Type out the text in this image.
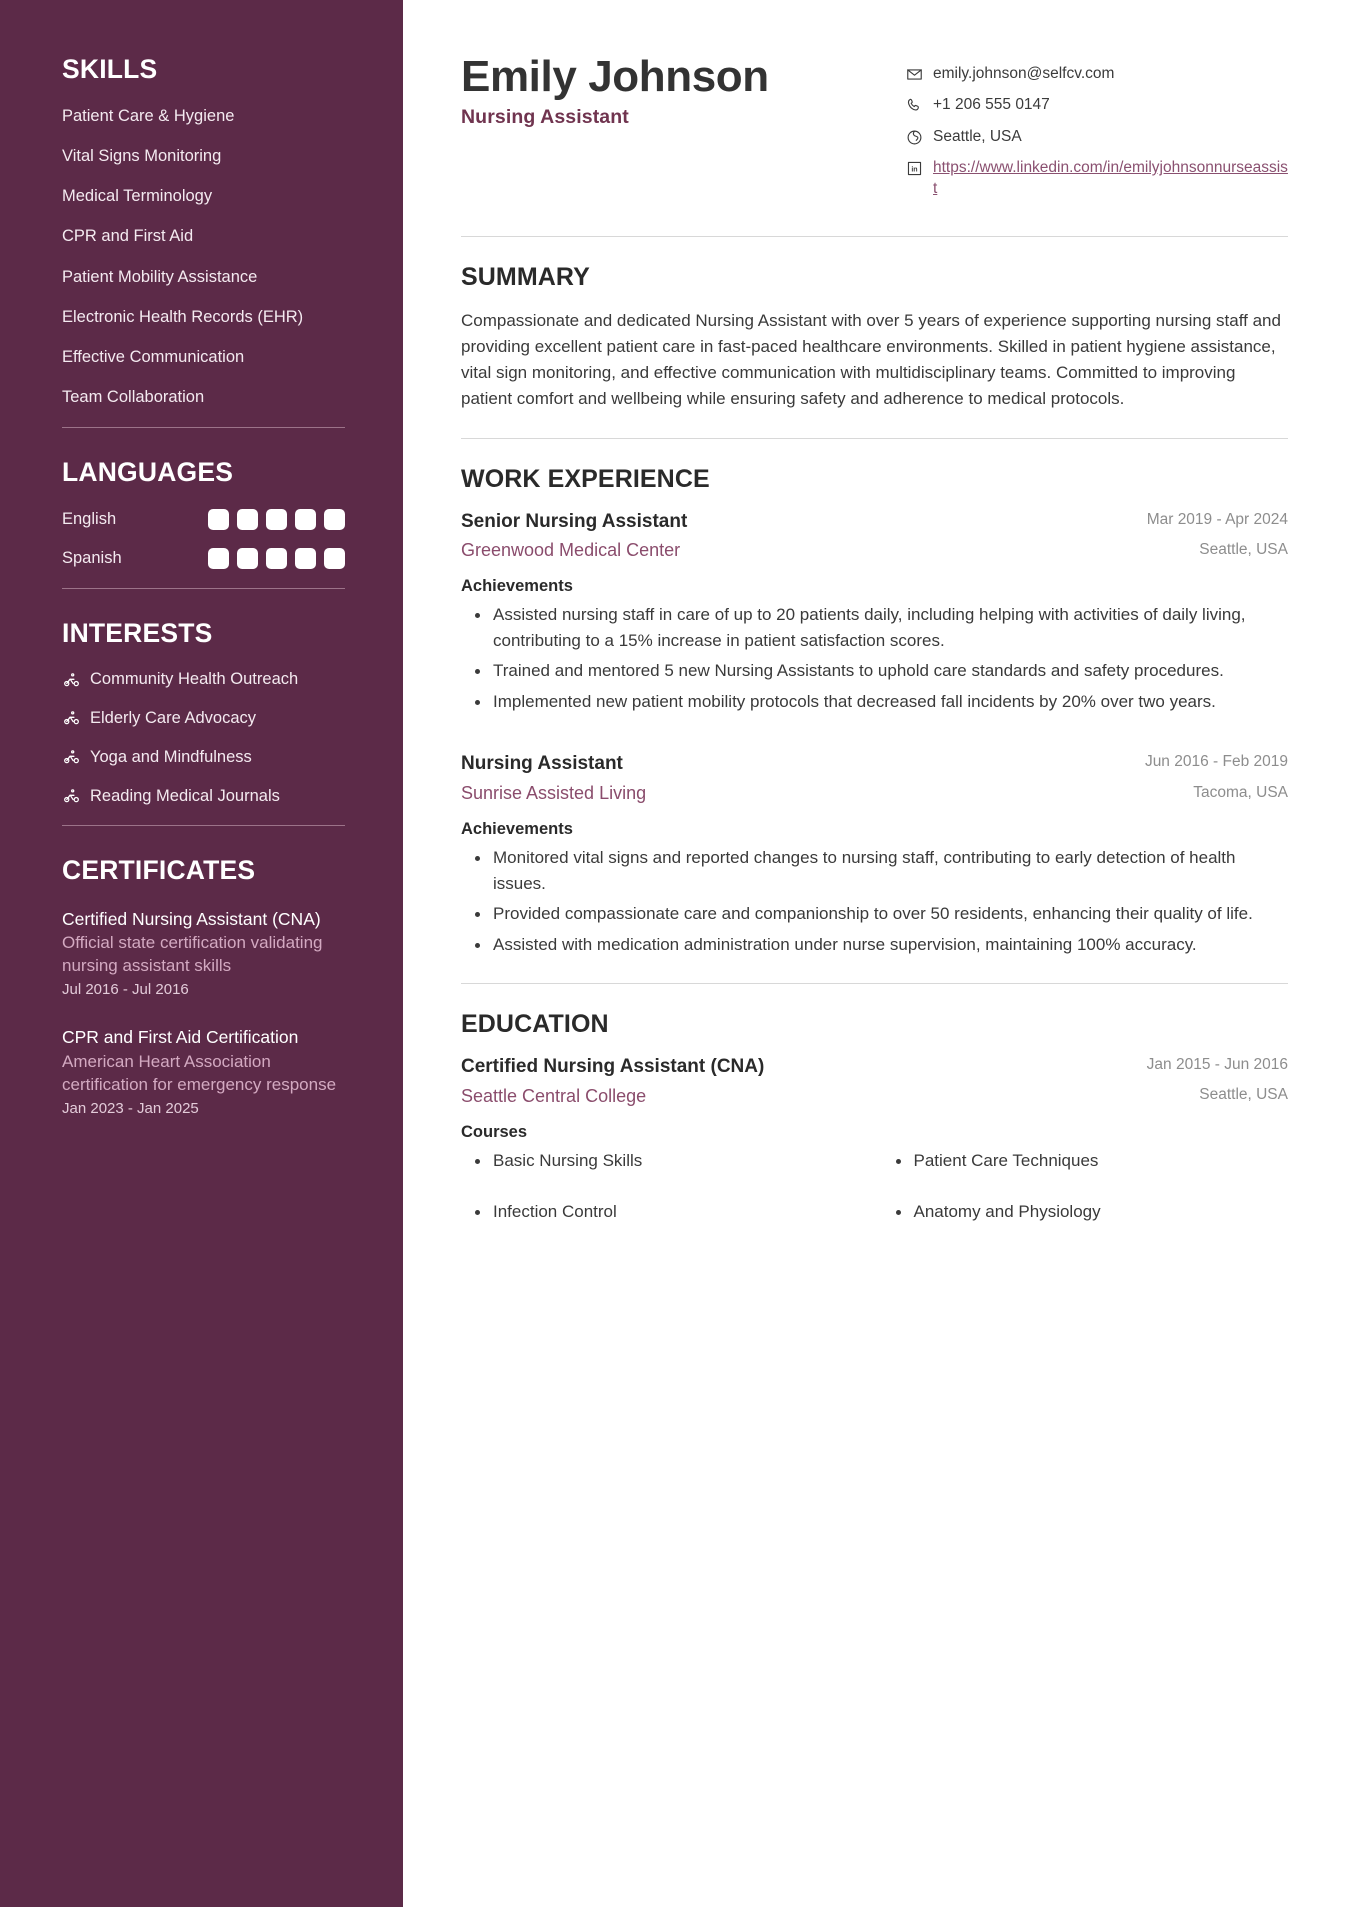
SKILLS
Patient Care & Hygiene
Vital Signs Monitoring
Medical Terminology
CPR and First Aid
Patient Mobility Assistance
Electronic Health Records (EHR)
Effective Communication
Team Collaboration
LANGUAGES
English
Spanish
INTERESTS
Community Health Outreach
Elderly Care Advocacy
Yoga and Mindfulness
Reading Medical Journals
CERTIFICATES
Certified Nursing Assistant (CNA)
Official state certification validating nursing assistant skills
Jul 2016 - Jul 2016
CPR and First Aid Certification
American Heart Association certification for emergency response
Jan 2023 - Jan 2025
Emily Johnson
Nursing Assistant
emily.johnson@selfcv.com
+1 206 555 0147
Seattle, USA
in https://www.linkedin.com/in/emilyjohnsonnurseassist
SUMMARY

Compassionate and dedicated Nursing Assistant with over 5 years of experience supporting nursing staff and providing excellent patient care in fast-paced healthcare environments. Skilled in patient hygiene assistance, vital sign monitoring, and effective communication with multidisciplinary teams. Committed to improving patient comfort and wellbeing while ensuring safety and adherence to medical protocols.

WORK EXPERIENCE
Senior Nursing Assistant
Greenwood Medical Center
Mar 2019 - Apr 2024
Seattle, USA
Achievements
Assisted nursing staff in care of up to 20 patients daily, including helping with activities of daily living, contributing to a 15% increase in patient satisfaction scores.
Trained and mentored 5 new Nursing Assistants to uphold care standards and safety procedures.
Implemented new patient mobility protocols that decreased fall incidents by 20% over two years.
Nursing Assistant
Sunrise Assisted Living
Jun 2016 - Feb 2019
Tacoma, USA
Achievements
Monitored vital signs and reported changes to nursing staff, contributing to early detection of health issues.
Provided compassionate care and companionship to over 50 residents, enhancing their quality of life.
Assisted with medication administration under nurse supervision, maintaining 100% accuracy.
EDUCATION
Certified Nursing Assistant (CNA)
Seattle Central College
Jan 2015 - Jun 2016
Seattle, USA
Courses
Basic Nursing Skills	Patient Care Techniques
Infection Control	Anatomy and Physiology
